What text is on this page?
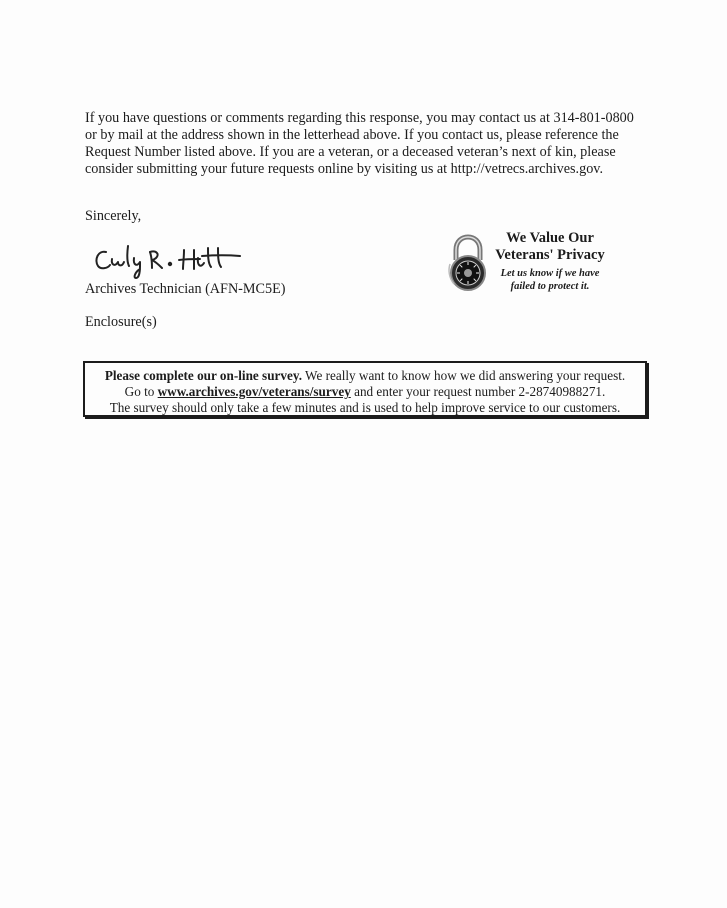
If you have questions or comments regarding this response, you may contact us at 314-801-0800
or by mail at the address shown in the letterhead above. If you contact us, please reference the
Request Number listed above. If you are a veteran, or a deceased veteran’s next of kin, please
consider submitting your future requests online by visiting us at http://vetrecs.archives.gov.
Sincerely,
Archives Technician (AFN-MC5E)
Enclosure(s)
We Value Our
Veterans' Privacy
Let us know if we have
failed to protect it.
Please complete our on-line survey. We really want to know how we did answering your request.
Go to www.archives.gov/veterans/survey and enter your request number 2-28740988271.
The survey should only take a few minutes and is used to help improve service to our customers.
